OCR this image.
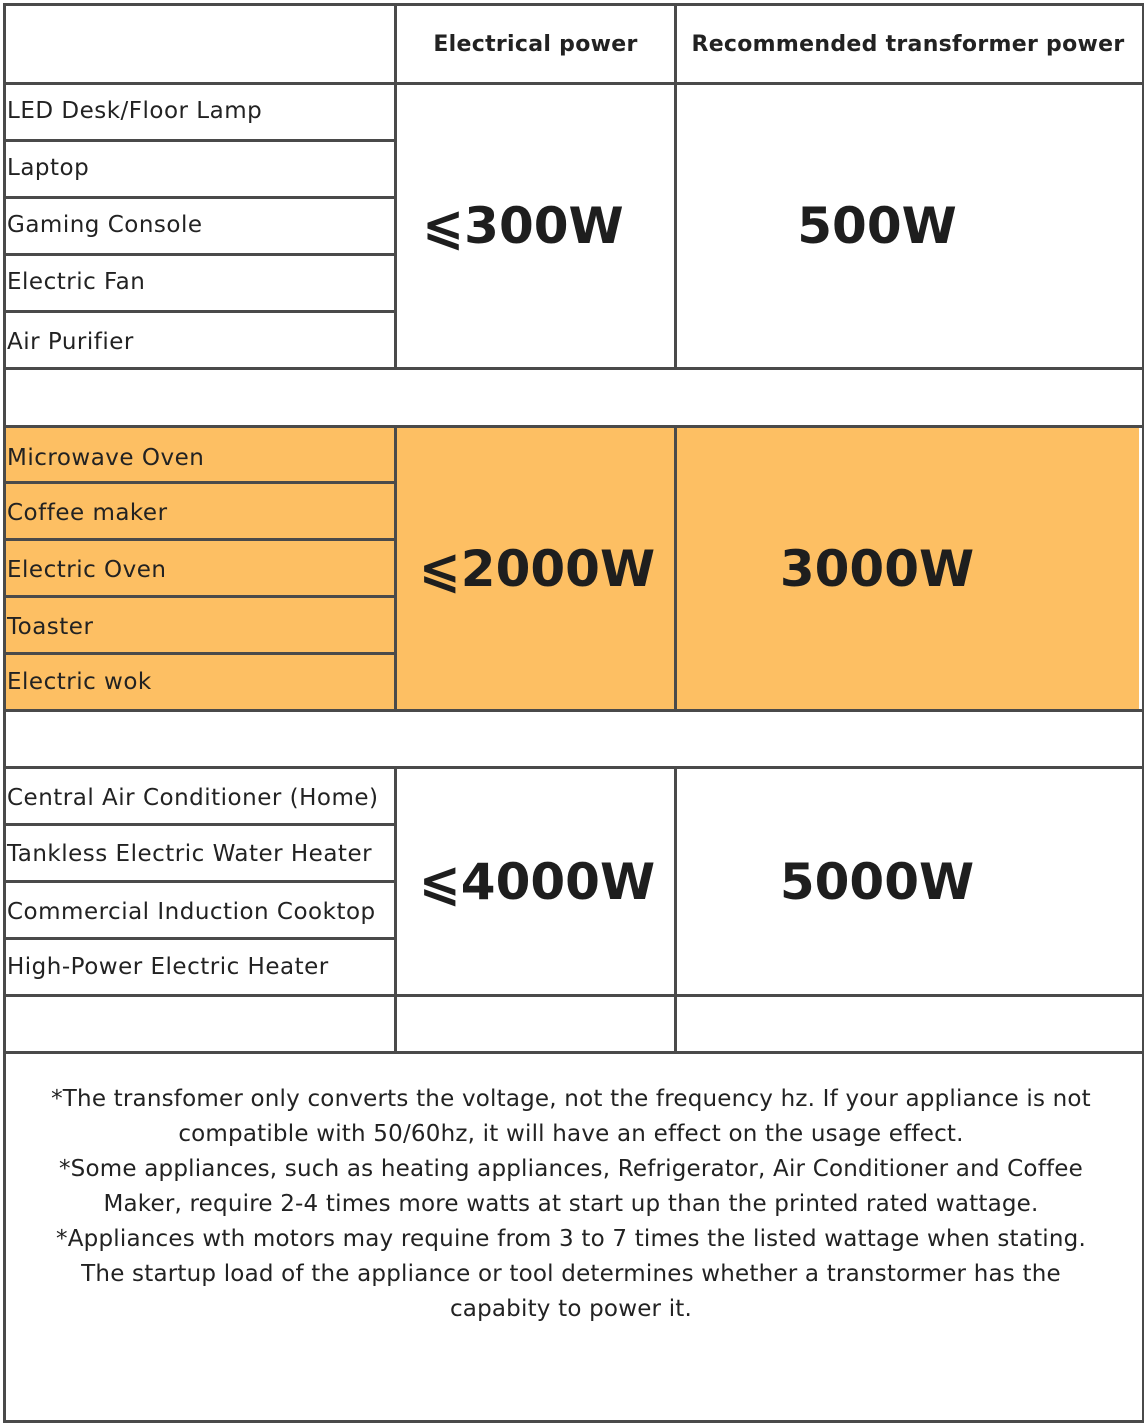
Electrical power	Recommended transformer power
LED Desk/Floor Lamp
Laptop
Gaming Console
Electric Fan
Air Purifier
⩽300W	500W
Microwave Oven
Coffee maker
Electric Oven
Toaster
Electric wok
⩽2000W	3000W
Central Air Conditioner (Home)
Tankless Electric Water Heater
Commercial Induction Cooktop
High-Power Electric Heater
⩽4000W	5000W
*The transfomer only converts the voltage, not the frequency hz. If your appliance is not
compatible with 50/60hz, it will have an effect on the usage effect.
*Some appliances, such as heating appliances, Refrigerator, Air Conditioner and Coffee
Maker, require 2-4 times more watts at start up than the printed rated wattage.
*Appliances wth motors may requine from 3 to 7 times the listed wattage when stating.
The startup load of the appliance or tool determines whether a transtormer has the
capabity to power it.
